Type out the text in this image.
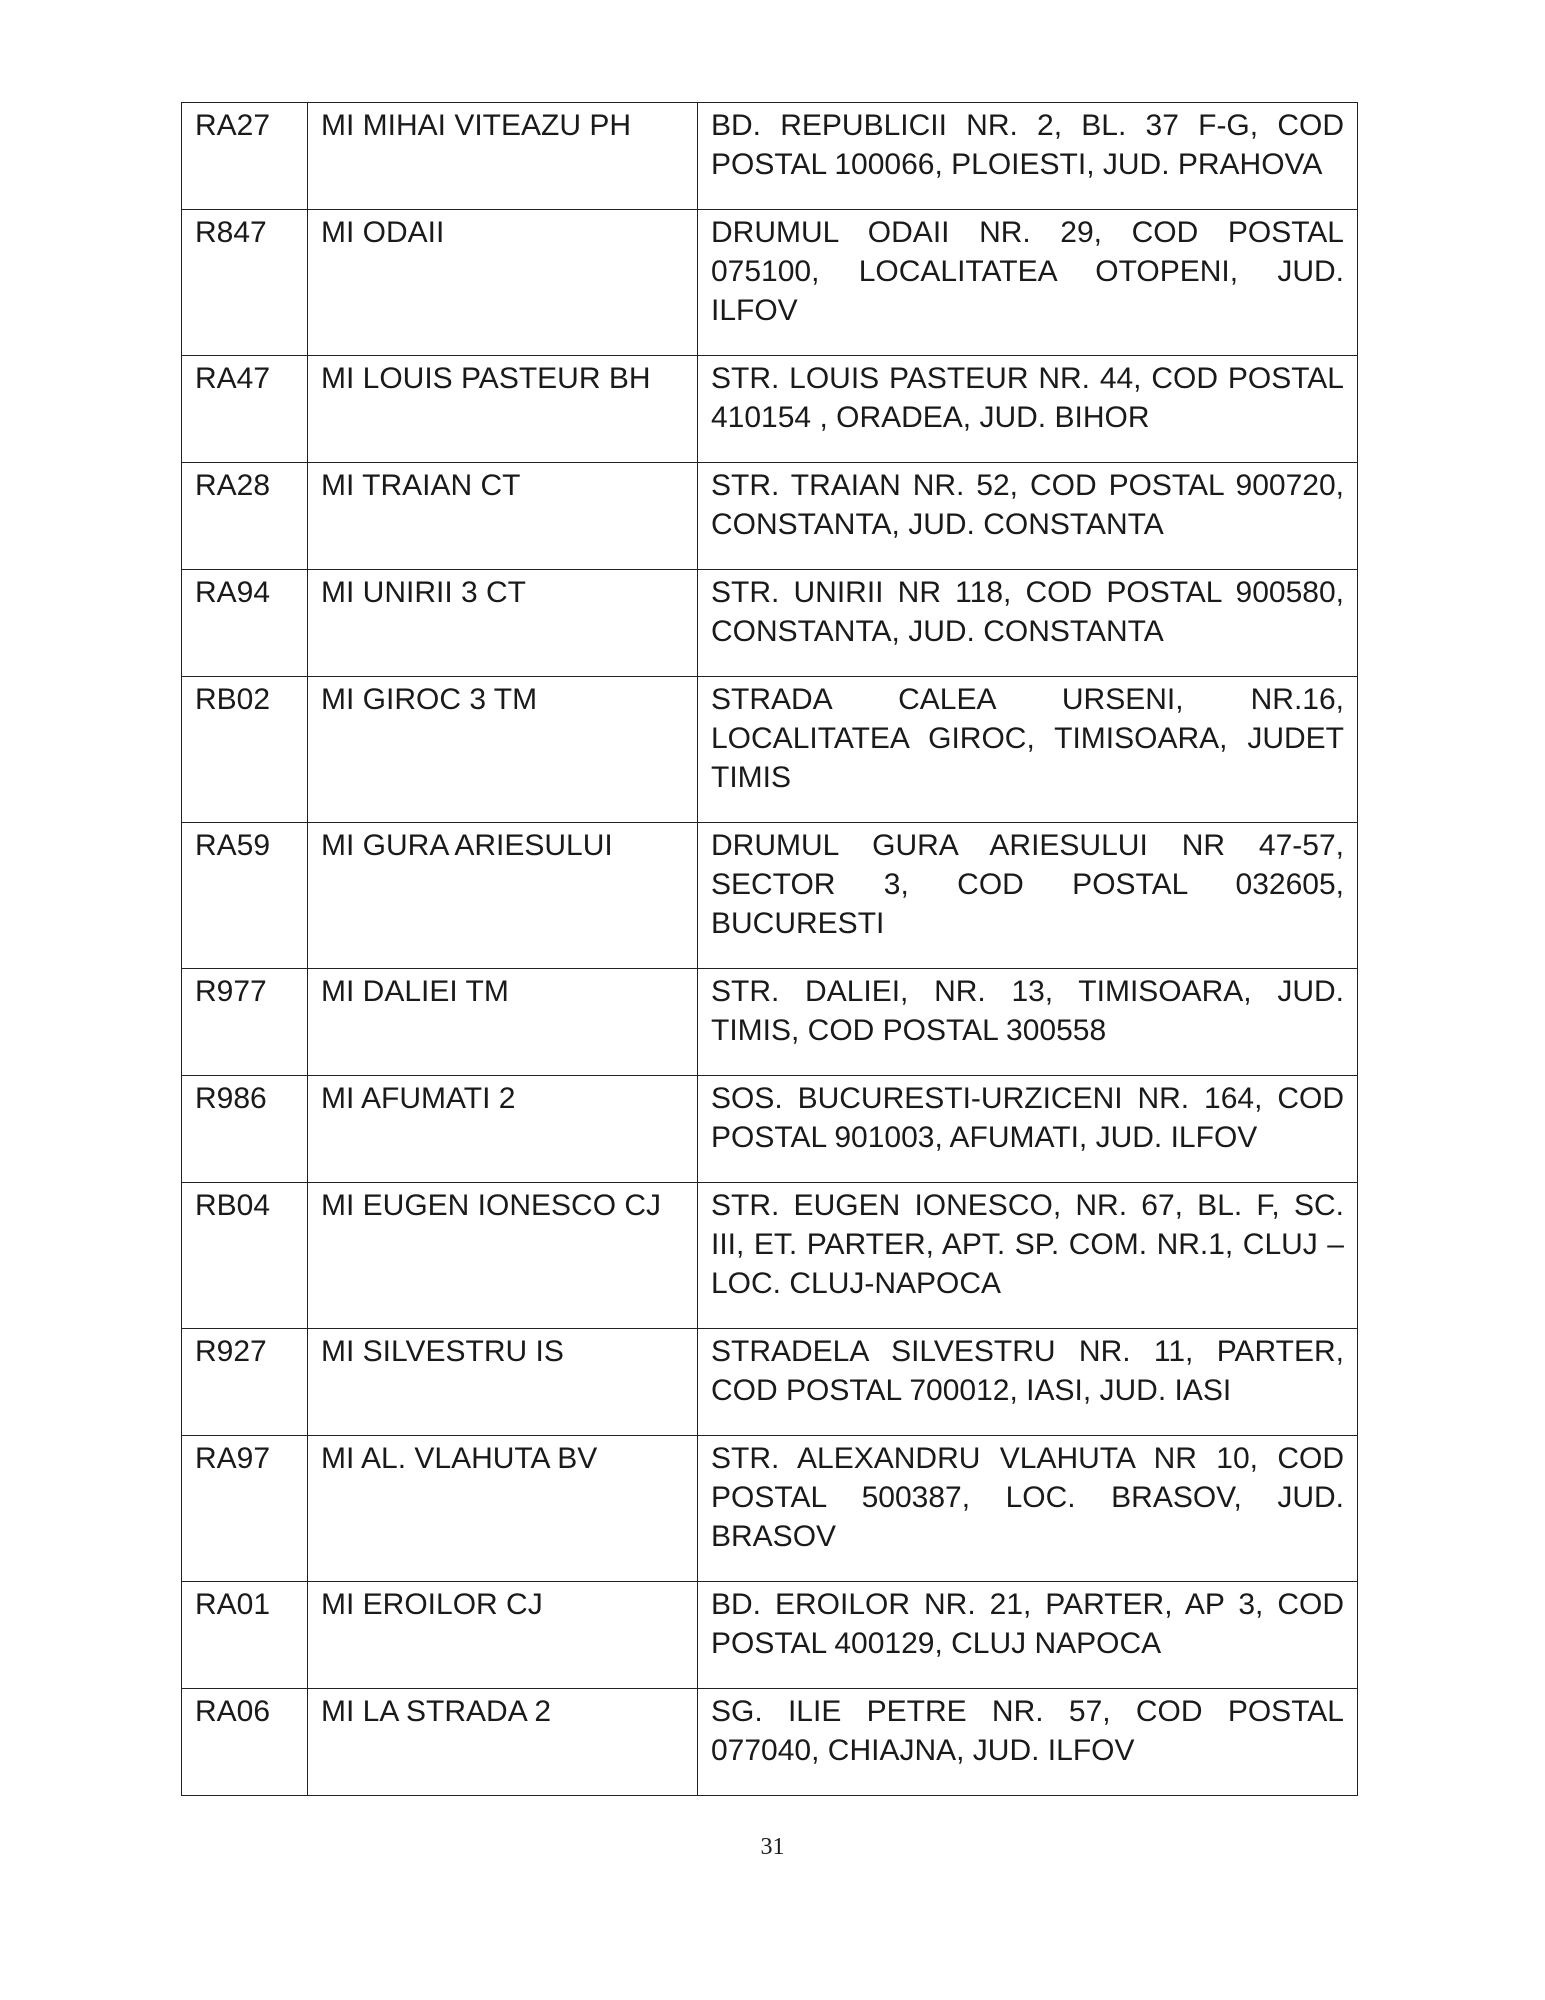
RA27	MI MIHAI VITEAZU PH	BD. REPUBLICII NR. 2, BL. 37 F-G, COD POSTAL 100066, PLOIESTI, JUD. PRAHOVA
R847	MI ODAII	DRUMUL ODAII NR. 29, COD POSTAL 075100, LOCALITATEA OTOPENI, JUD. ILFOV
RA47	MI LOUIS PASTEUR BH	STR. LOUIS PASTEUR NR. 44, COD POSTAL 410154 , ORADEA, JUD. BIHOR
RA28	MI TRAIAN CT	STR. TRAIAN NR. 52, COD POSTAL 900720, CONSTANTA, JUD. CONSTANTA
RA94	MI UNIRII 3 CT	STR. UNIRII NR 118, COD POSTAL 900580, CONSTANTA, JUD. CONSTANTA
RB02	MI GIROC 3 TM	STRADA CALEA URSENI, NR.16, LOCALITATEA GIROC, TIMISOARA, JUDET TIMIS
RA59	MI GURA ARIESULUI	DRUMUL GURA ARIESULUI NR 47-57, SECTOR 3, COD POSTAL 032605, BUCURESTI
R977	MI DALIEI TM	STR. DALIEI, NR. 13, TIMISOARA, JUD. TIMIS, COD POSTAL 300558
R986	MI AFUMATI 2	SOS. BUCURESTI-URZICENI NR. 164, COD POSTAL 901003, AFUMATI, JUD. ILFOV
RB04	MI EUGEN IONESCO CJ	STR. EUGEN IONESCO, NR. 67, BL. F, SC. III, ET. PARTER, APT. SP. COM. NR.1, CLUJ – LOC. CLUJ-NAPOCA
R927	MI SILVESTRU IS	STRADELA SILVESTRU NR. 11, PARTER, COD POSTAL 700012, IASI, JUD. IASI
RA97	MI AL. VLAHUTA BV	STR. ALEXANDRU VLAHUTA NR 10, COD POSTAL 500387, LOC. BRASOV, JUD. BRASOV
RA01	MI EROILOR CJ	BD. EROILOR NR. 21, PARTER, AP 3, COD POSTAL 400129, CLUJ NAPOCA
RA06	MI LA STRADA 2	SG. ILIE PETRE NR. 57, COD POSTAL 077040, CHIAJNA, JUD. ILFOV
31
